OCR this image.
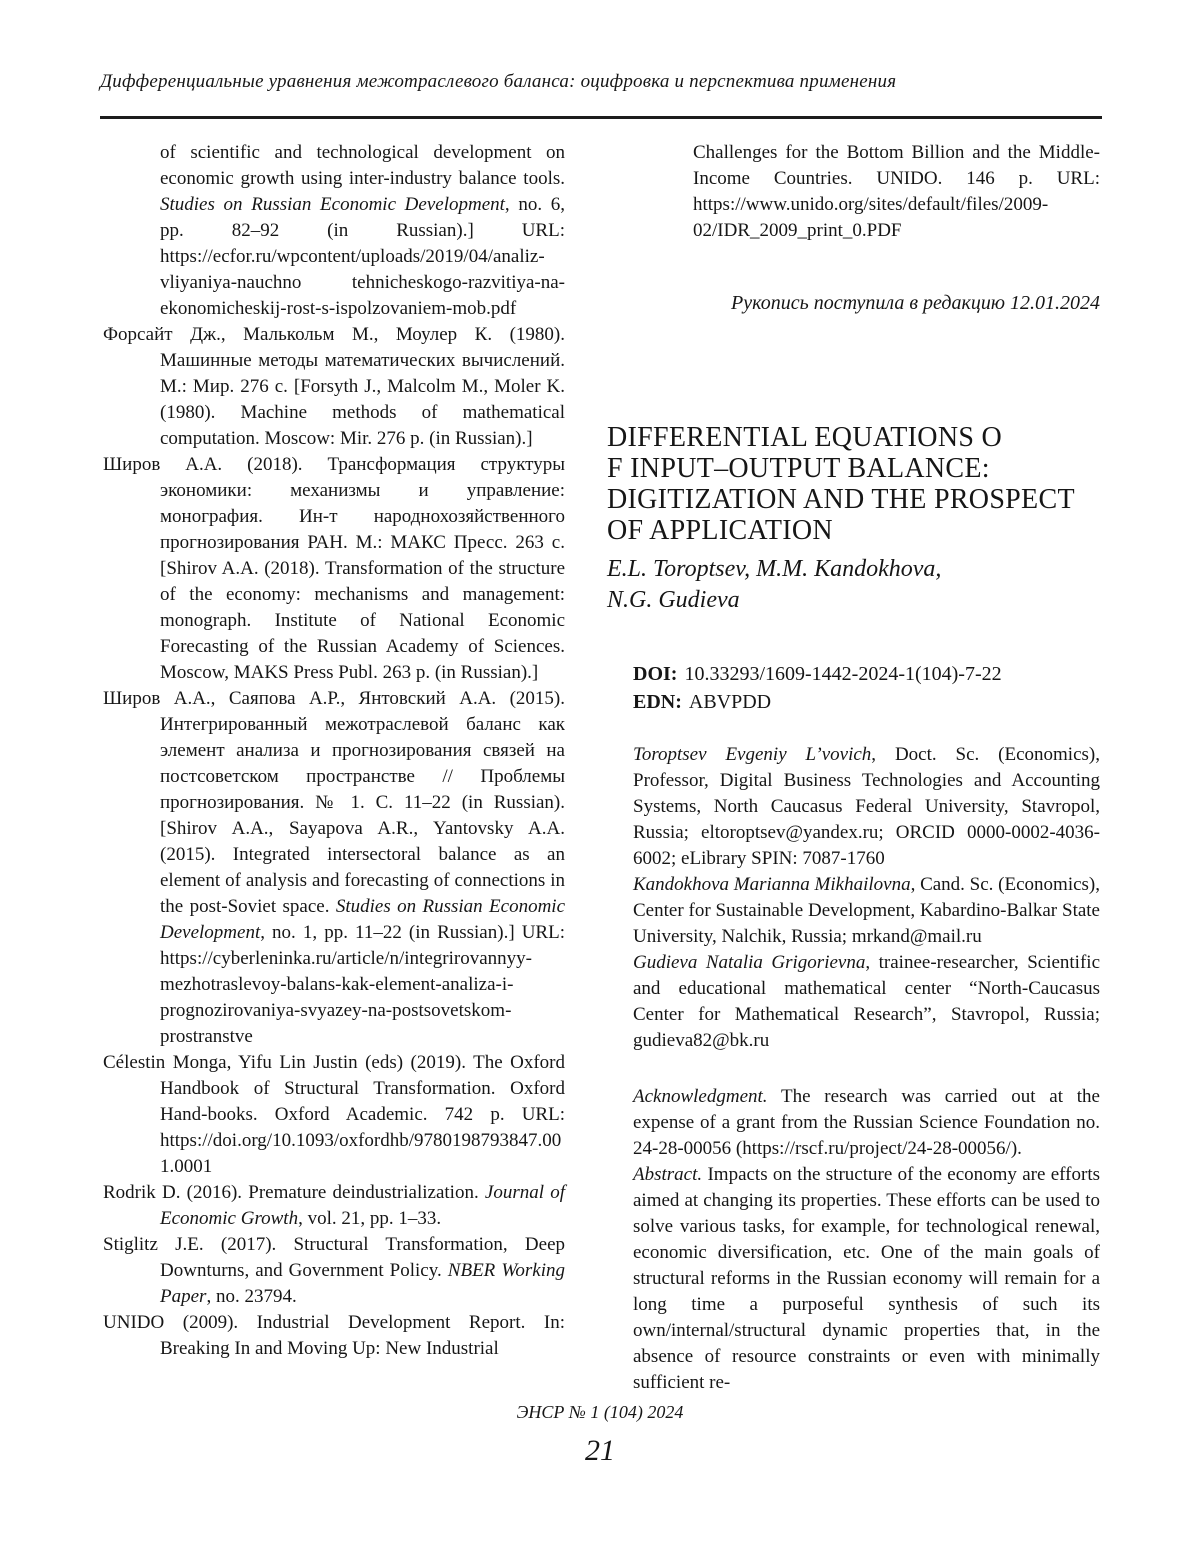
Дифференциальные уравнения межотраслевого баланса: оцифровка и перспектива применения

of scientific and technological development on economic growth using inter-industry balance tools. Studies on Russian Economic Development, no. 6, pp. 82–92 (in Russian).] URL: https://ecfor.ru/wpcontent/uploads/2019/04/analiz-vliyaniya-nauchno tehnicheskogo-razvitiya-na-ekonomicheskij-rost-s-ispolzovaniem-mob.pdf

Форсайт Дж., Малькольм М., Моулер К. (1980). Машинные методы математических вычислений. М.: Мир. 276 с. [Forsyth J., Malcolm M., Moler K. (1980). Machine methods of mathematical computation. Moscow: Mir. 276 p. (in Russian).]

Широв А.А. (2018). Трансформация структуры экономики: механизмы и управление: монография. Ин-т народнохозяйственного прогнозирования РАН. М.: МАКС Пресс. 263 с. [Shirov A.A. (2018). Transformation of the structure of the economy: mechanisms and management: monograph. Institute of National Economic Forecasting of the Russian Academy of Sciences. Moscow, MAKS Press Publ. 263 p. (in Russian).]

Широв А.А., Саяпова А.Р., Янтовский А.А. (2015). Интегрированный межотраслевой баланс как элемент анализа и прогнозирования связей на постсоветском пространстве // Проблемы прогнозирования. № 1. С. 11–22 (in Russian). [Shirov A.A., Sayapova A.R., Yantovsky A.A. (2015). Integrated intersectoral balance as an element of analysis and forecasting of connections in the post-Soviet space. Studies on Russian Economic Development, no. 1, pp. 11–22 (in Russian).] URL: https://cyberleninka.ru/article/n/integrirovannyy-mezhotraslevoy-balans-kak-element-analiza-i-prognozirovaniya-svyazey-na-postsovetskom-prostranstve

Célestin Monga, Yifu Lin Justin (eds) (2019). The Oxford Handbook of Structural Transformation. Oxford Hand-books. Oxford Academic. 742 p. URL: https://doi.org/10.1093/oxfordhb/9780198793847.001.0001

Rodrik D. (2016). Premature deindustrialization. Journal of Economic Growth, vol. 21, pp. 1–33.

Stiglitz J.E. (2017). Structural Transformation, Deep Downturns, and Government Policy. NBER Working Paper, no. 23794.

UNIDO (2009). Industrial Development Report. In: Breaking In and Moving Up: New Industrial

Challenges for the Bottom Billion and the Middle-Income Countries. UNIDO. 146 p. URL: https://www.unido.org/sites/default/files/2009-02/IDR_2009_print_0.PDF

Рукопись поступила в редакцию 12.01.2024
DIFFERENTIAL EQUATIONS O
F INPUT–OUTPUT BALANCE:
DIGITIZATION AND THE PROSPECT
OF APPLICATION
E.L. Toroptsev, M.M. Kandokhova,
N.G. Gudieva
DOI: 10.33293/1609-1442-2024-1(104)-7-22
EDN: ABVPDD

Toroptsev Evgeniy L’vovich, Doct. Sc. (Economics), Professor, Digital Business Technologies and Accounting Systems, North Caucasus Federal University, Stavropol, Russia; eltoroptsev@yandex.ru; ORCID 0000-0002-4036-6002; eLibrary SPIN: 7087-1760

Kandokhova Marianna Mikhailovna, Cand. Sc. (Economics), Center for Sustainable Development, Kabardino-Balkar State University, Nalchik, Russia; mrkand@mail.ru

Gudieva Natalia Grigorievna, trainee-researcher, Scientific and educational mathematical center “North-Caucasus Center for Mathematical Research”, Stavropol, Russia; gudieva82@bk.ru

Acknowledgment. The research was carried out at the expense of a grant from the Russian Science Foundation no. 24-28-00056 (https://rscf.ru/project/24-28-00056/).

Abstract. Impacts on the structure of the economy are efforts aimed at changing its properties. These efforts can be used to solve various tasks, for example, for technological renewal, economic diversification, etc. One of the main goals of structural reforms in the Russian economy will remain for a long time a purposeful synthesis of such its own/internal/structural dynamic properties that, in the absence of resource constraints or even with minimally sufficient re-

ЭНСР № 1 (104) 2024
21
